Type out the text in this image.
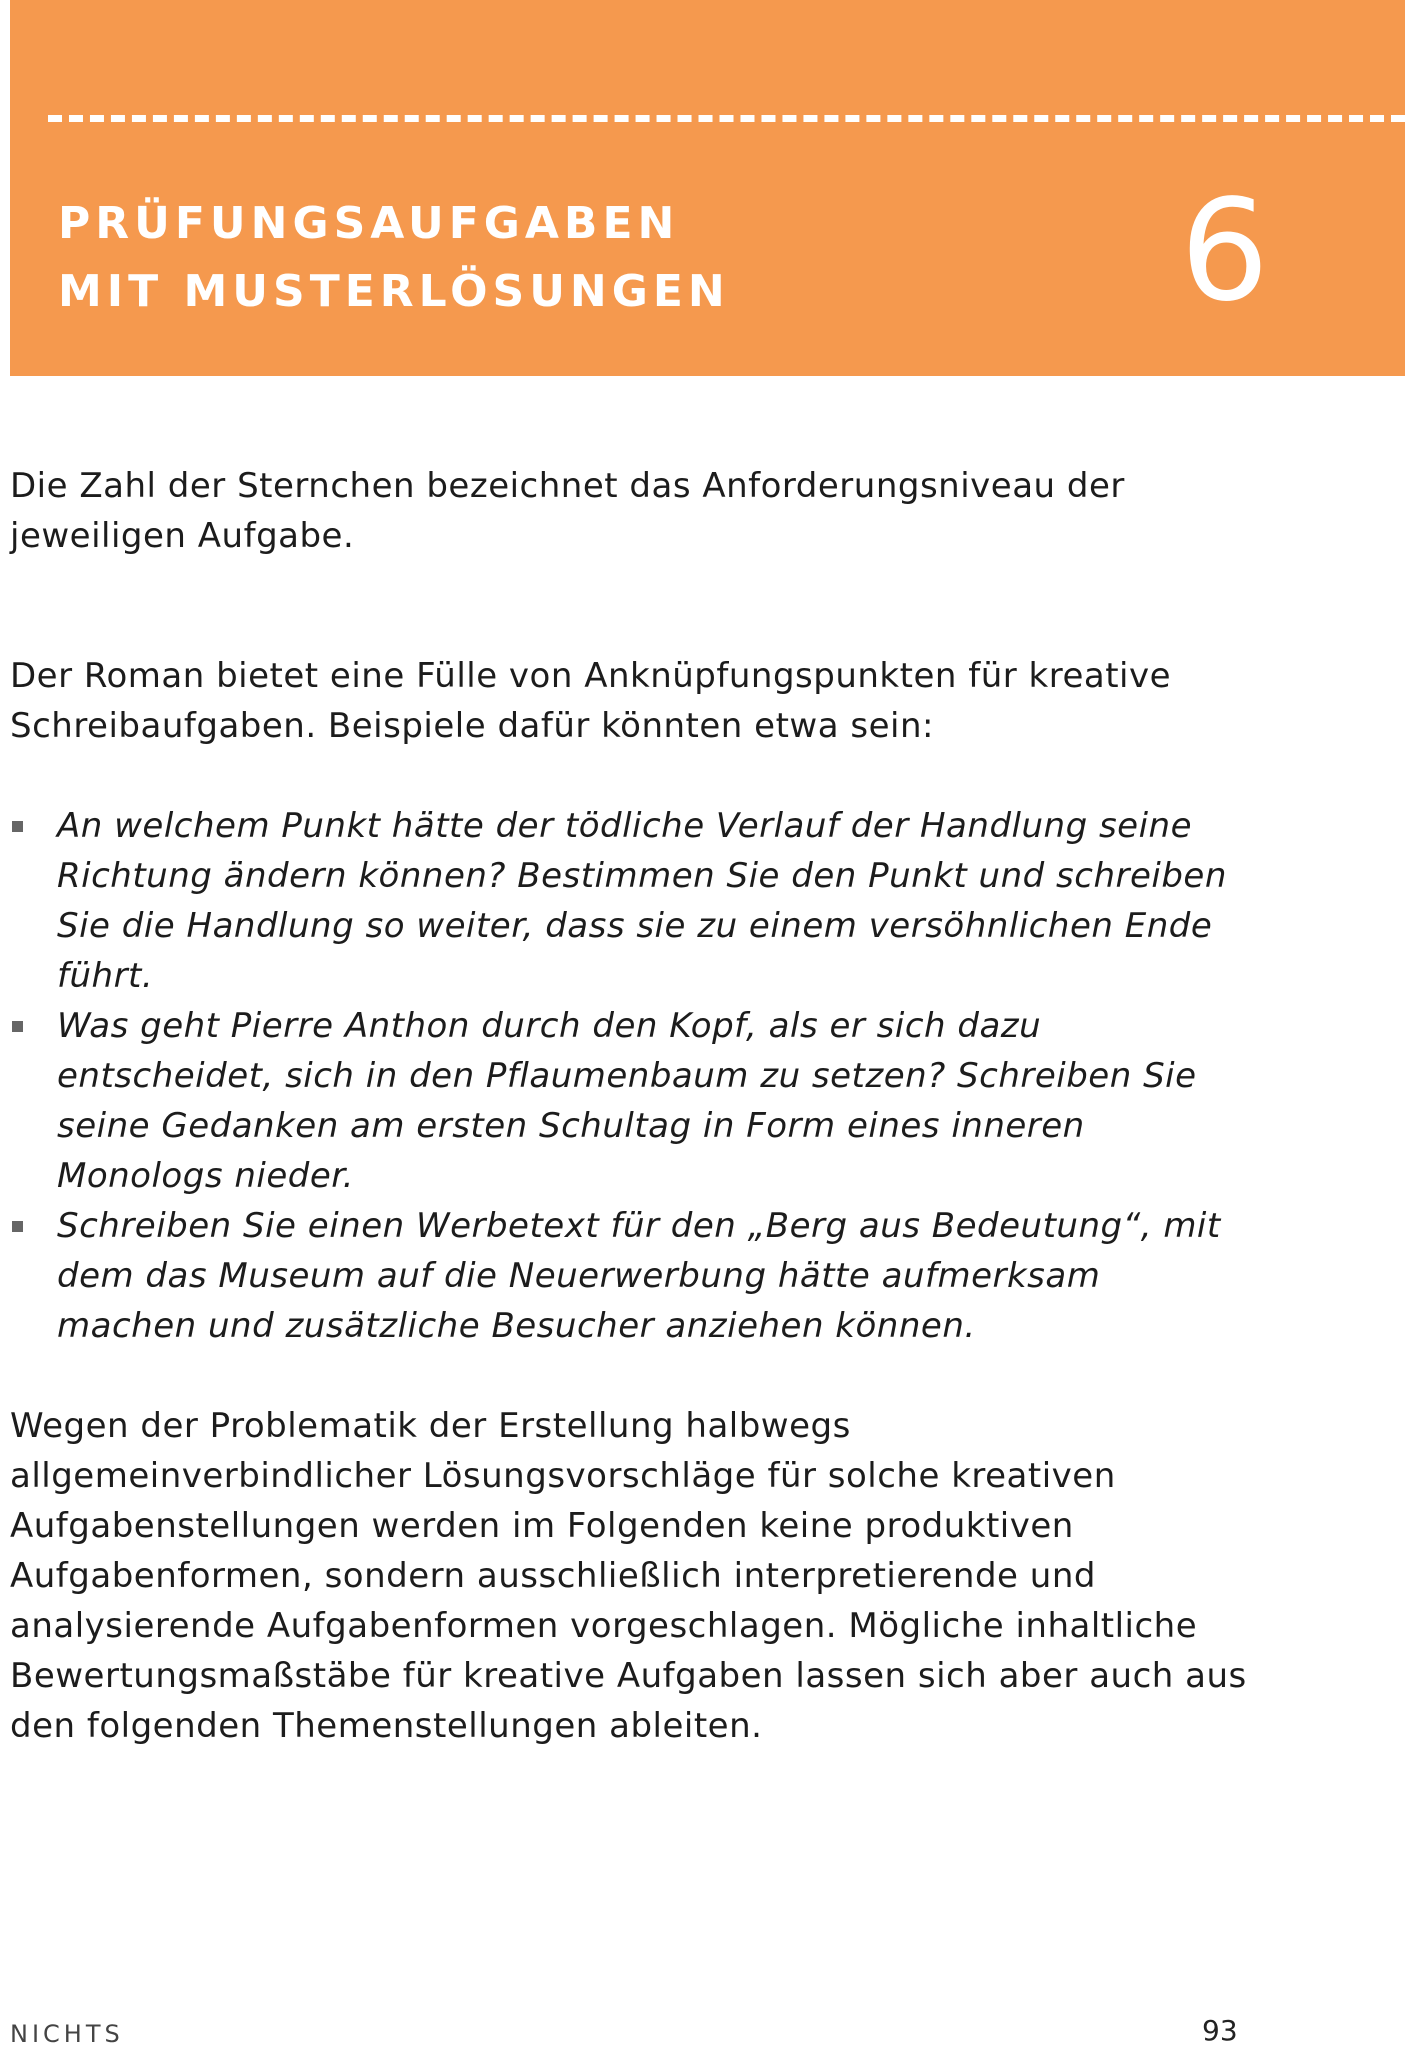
PRÜFUNGSAUFGABEN
MIT MUSTERLÖSUNGEN	6

Die Zahl der Sternchen bezeichnet das Anforderungsniveau der jeweiligen Aufgabe.

Der Roman bietet eine Fülle von Anknüpfungspunkten für kreative Schreibaufgaben. Beispiele dafür könnten etwa sein:

An welchem Punkt hätte der tödliche Verlauf der Handlung seine Richtung ändern können? Bestimmen Sie den Punkt und schreiben Sie die Handlung so weiter, dass sie zu einem versöhnlichen Ende führt.
Was geht Pierre Anthon durch den Kopf, als er sich dazu entscheidet, sich in den Pflaumenbaum zu setzen? Schreiben Sie seine Gedanken am ersten Schultag in Form eines inneren Monologs nieder.
Schreiben Sie einen Werbetext für den „Berg aus Bedeutung“, mit dem das Museum auf die Neuerwerbung hätte aufmerksam machen und zusätzliche Besucher anziehen können.

Wegen der Problematik der Erstellung halbwegs allgemeinverbindlicher Lösungsvorschläge für solche kreativen Aufgabenstellungen werden im Folgenden keine produktiven Aufgabenformen, sondern ausschließlich interpretierende und analysierende Aufgabenformen vorgeschlagen. Mögliche inhaltliche Bewertungsmaßstäbe für kreative Aufgaben lassen sich aber auch aus den folgenden Themenstellungen ableiten.

NICHTS	93
